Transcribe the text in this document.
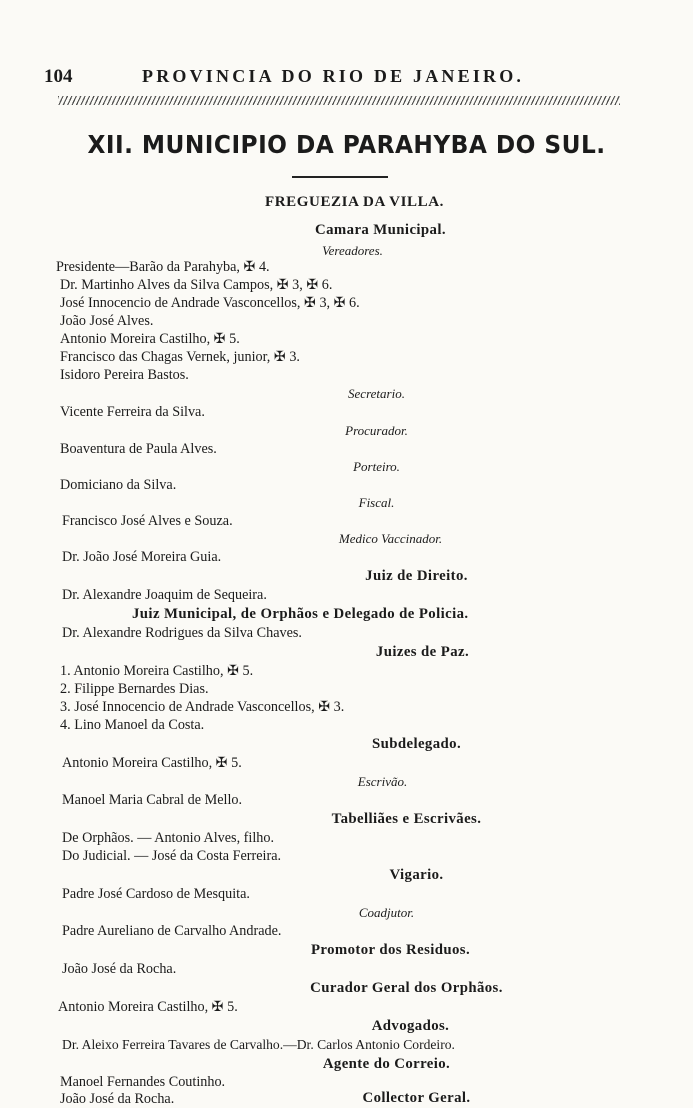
104	PROVINCIA DO RIO DE JANEIRO.
XII. MUNICIPIO DA PARAHYBA DO SUL.
FREGUEZIA DA VILLA.
Camara Municipal.
Vereadores.
Presidente—Barão da Parahyba, ✠ 4.
Dr. Martinho Alves da Silva Campos, ✠ 3, ✠ 6.
José Innocencio de Andrade Vasconcellos, ✠ 3, ✠ 6.
João José Alves.
Antonio Moreira Castilho, ✠ 5.
Francisco das Chagas Vernek, junior, ✠ 3.
Isidoro Pereira Bastos.
Secretario.
Vicente Ferreira da Silva.
Procurador.
Boaventura de Paula Alves.
Porteiro.
Domiciano da Silva.
Fiscal.
Francisco José Alves e Souza.
Medico Vaccinador.
Dr. João José Moreira Guia.
Juiz de Direito.
Dr. Alexandre Joaquim de Sequeira.
Juiz Municipal, de Orphãos e Delegado de Policia.
Dr. Alexandre Rodrigues da Silva Chaves.
Juizes de Paz.
1. Antonio Moreira Castilho, ✠ 5.
2. Filippe Bernardes Dias.
3. José Innocencio de Andrade Vasconcellos, ✠ 3.
4. Lino Manoel da Costa.
Subdelegado.
Antonio Moreira Castilho, ✠ 5.
Escrivão.
Manoel Maria Cabral de Mello.
Tabelliães e Escrivães.
De Orphãos. — Antonio Alves, filho.
Do Judicial. — José da Costa Ferreira.
Vigario.
Padre José Cardoso de Mesquita.
Coadjutor.
Padre Aureliano de Carvalho Andrade.
Promotor dos Residuos.
João José da Rocha.
Curador Geral dos Orphãos.
Antonio Moreira Castilho, ✠ 5.
Advogados.
Dr. Aleixo Ferreira Tavares de Carvalho.—Dr. Carlos Antonio Cordeiro.
Agente do Correio.
Manoel Fernandes Coutinho.
Collector Geral.
João José da Rocha.
